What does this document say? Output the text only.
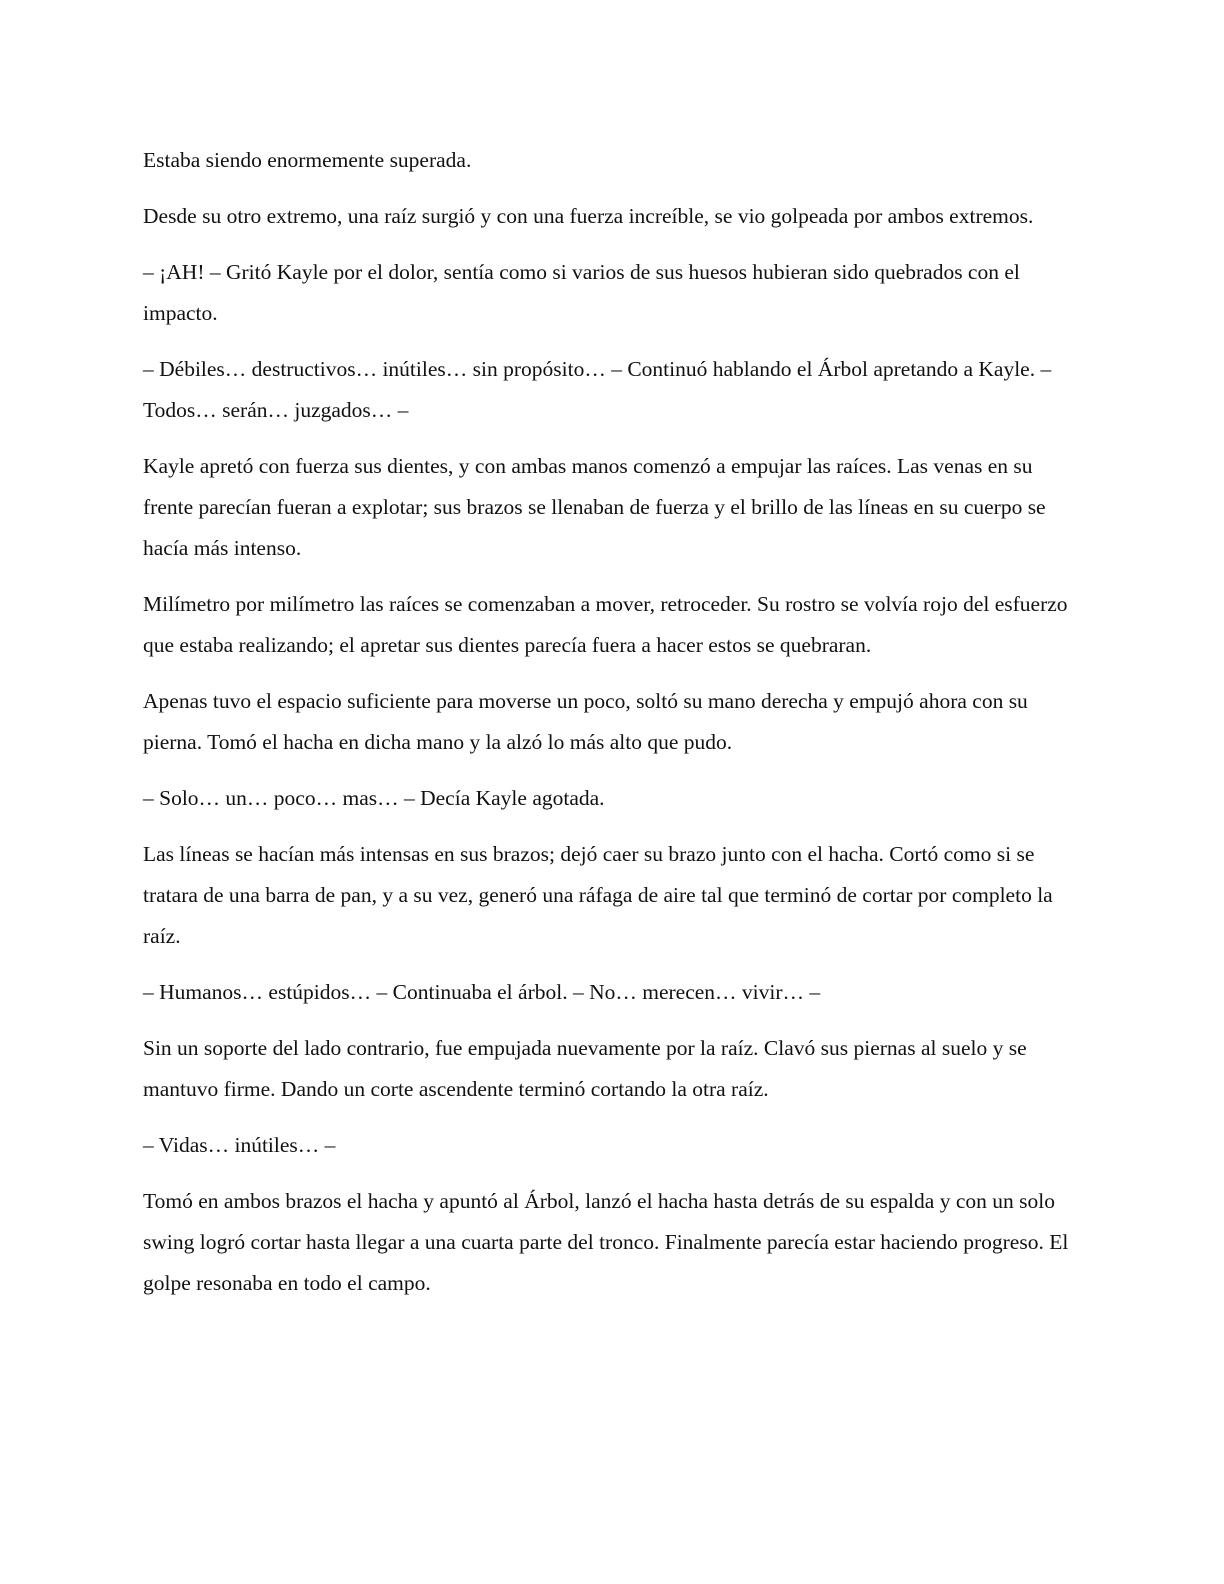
Estaba siendo enormemente superada.

Desde su otro extremo, una raíz surgió y con una fuerza increíble, se vio golpeada por ambos extremos.

– ¡AH! – Gritó Kayle por el dolor, sentía como si varios de sus huesos hubieran sido quebrados con el impacto.

– Débiles… destructivos… inútiles… sin propósito… – Continuó hablando el Árbol apretando a Kayle. – Todos… serán… juzgados… –

Kayle apretó con fuerza sus dientes, y con ambas manos comenzó a empujar las raíces. Las venas en su frente parecían fueran a explotar; sus brazos se llenaban de fuerza y el brillo de las líneas en su cuerpo se hacía más intenso.

Milímetro por milímetro las raíces se comenzaban a mover, retroceder. Su rostro se volvía rojo del esfuerzo que estaba realizando; el apretar sus dientes parecía fuera a hacer estos se quebraran.

Apenas tuvo el espacio suficiente para moverse un poco, soltó su mano derecha y empujó ahora con su pierna. Tomó el hacha en dicha mano y la alzó lo más alto que pudo.

– Solo… un… poco… mas… – Decía Kayle agotada.

Las líneas se hacían más intensas en sus brazos; dejó caer su brazo junto con el hacha. Cortó como si se tratara de una barra de pan, y a su vez, generó una ráfaga de aire tal que terminó de cortar por completo la raíz.

– Humanos… estúpidos… – Continuaba el árbol. – No… merecen… vivir… –

Sin un soporte del lado contrario, fue empujada nuevamente por la raíz. Clavó sus piernas al suelo y se mantuvo firme. Dando un corte ascendente terminó cortando la otra raíz.

– Vidas… inútiles… –

Tomó en ambos brazos el hacha y apuntó al Árbol, lanzó el hacha hasta detrás de su espalda y con un solo swing logró cortar hasta llegar a una cuarta parte del tronco. Finalmente parecía estar haciendo progreso. El golpe resonaba en todo el campo.
